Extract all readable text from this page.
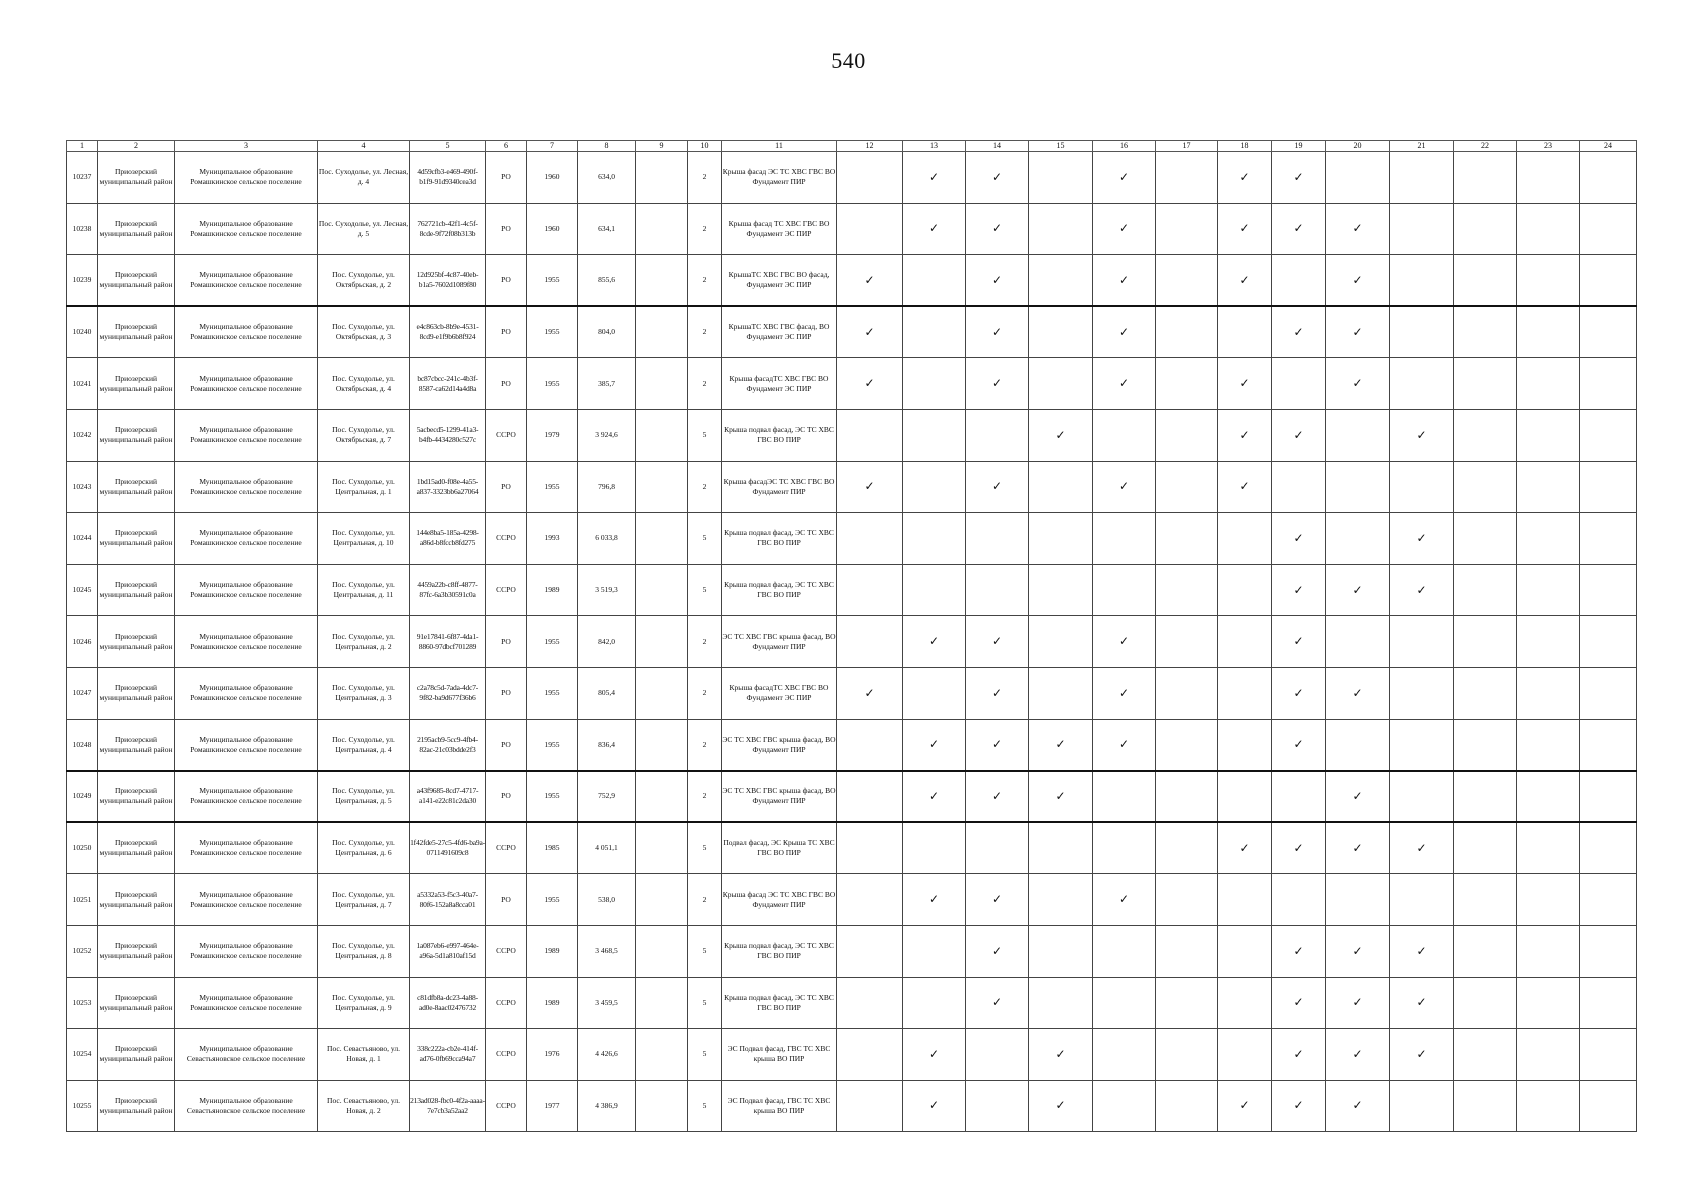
540
1	2	3	4	5	6	7	8	9	10	11	12	13	14	15	16	17	18	19	20	21	22	23	24
10237	Приозерский муниципальный район	Муниципальное образование Ромашкинское сельское поселение	Пос. Суходолье, ул. Лесная, д. 4	4d59cfb3-e469-490f-b1f9-91d9340cea3d	РО	1960	634,0		2	Крыша фасад ЭС ТС ХВС ГВС ВО Фундамент ПИР		✓	✓		✓		✓	✓					
10238	Приозерский муниципальный район	Муниципальное образование Ромашкинское сельское поселение	Пос. Суходолье, ул. Лесная, д. 5	762721cb-42f1-4c5f-8cde-9f72f08b313b	РО	1960	634,1		2	Крыша фасад ТС ХВС ГВС ВО Фундамент ЭС ПИР		✓	✓		✓		✓	✓	✓				
10239	Приозерский муниципальный район	Муниципальное образование Ромашкинское сельское поселение	Пос. Суходолье, ул. Октябрьская, д. 2	12d925bf-4c87-40eb-b1a5-7602d1089f80	РО	1955	855,6		2	КрышаТС ХВС ГВС ВО фасад, Фундамент ЭС ПИР	✓		✓		✓		✓		✓				
10240	Приозерский муниципальный район	Муниципальное образование Ромашкинское сельское поселение	Пос. Суходолье, ул. Октябрьская, д. 3	e4c863cb-8b9e-4531-8cd9-e1f9b6b8f924	РО	1955	804,0		2	КрышаТС ХВС ГВС фасад, ВО Фундамент ЭС ПИР	✓		✓		✓			✓	✓				
10241	Приозерский муниципальный район	Муниципальное образование Ромашкинское сельское поселение	Пос. Суходолье, ул. Октябрьская, д. 4	bc87cbcc-241c-4b3f-8587-ca62d14a4d8a	РО	1955	385,7		2	Крыша фасадТС ХВС ГВС ВО Фундамент ЭС ПИР	✓		✓		✓		✓		✓				
10242	Приозерский муниципальный район	Муниципальное образование Ромашкинское сельское поселение	Пос. Суходолье, ул. Октябрьская, д. 7	5acbecd5-1299-41a3-b4fb-4434280c527c	ССРО	1979	3 924,6		5	Крыша подвал фасад, ЭС ТС ХВС ГВС ВО ПИР				✓			✓	✓		✓			
10243	Приозерский муниципальный район	Муниципальное образование Ромашкинское сельское поселение	Пос. Суходолье, ул. Центральная, д. 1	1bd15ad0-f08e-4a55-a837-3323bb6a27064	РО	1955	796,8		2	Крыша фасадЭС ТС ХВС ГВС ВО Фундамент ПИР	✓		✓		✓		✓						
10244	Приозерский муниципальный район	Муниципальное образование Ромашкинское сельское поселение	Пос. Суходолье, ул. Центральная, д. 10	144e8ba5-185a-4298-a86d-b8fccb8fd275	ССРО	1993	6 033,8		5	Крыша подвал фасад, ЭС ТС ХВС ГВС ВО ПИР								✓		✓			
10245	Приозерский муниципальный район	Муниципальное образование Ромашкинское сельское поселение	Пос. Суходолье, ул. Центральная, д. 11	4459a22b-c8ff-4877-87fc-6a3b30591c0a	ССРО	1989	3 519,3		5	Крыша подвал фасад, ЭС ТС ХВС ГВС ВО ПИР								✓	✓	✓			
10246	Приозерский муниципальный район	Муниципальное образование Ромашкинское сельское поселение	Пос. Суходолье, ул. Центральная, д. 2	91e17841-6f87-4da1-8860-97dbcf701289	РО	1955	842,0		2	ЭС ТС ХВС ГВС крыша фасад, ВО Фундамент ПИР		✓	✓		✓			✓					
10247	Приозерский муниципальный район	Муниципальное образование Ромашкинское сельское поселение	Пос. Суходолье, ул. Центральная, д. 3	c2a78c5d-7ada-4dc7-9f82-ba9d677f36b6	РО	1955	805,4		2	Крыша фасадТС ХВС ГВС ВО Фундамент ЭС ПИР	✓		✓		✓			✓	✓				
10248	Приозерский муниципальный район	Муниципальное образование Ромашкинское сельское поселение	Пос. Суходолье, ул. Центральная, д. 4	2195acb9-5cc9-4fb4-82ac-21c03bdde2f3	РО	1955	836,4		2	ЭС ТС ХВС ГВС крыша фасад, ВО Фундамент ПИР		✓	✓	✓	✓			✓					
10249	Приозерский муниципальный район	Муниципальное образование Ромашкинское сельское поселение	Пос. Суходолье, ул. Центральная, д. 5	a43f9685-8cd7-4717-a141-e22c81c2da30	РО	1955	752,9		2	ЭС ТС ХВС ГВС крыша фасад, ВО Фундамент ПИР		✓	✓	✓					✓				
10250	Приозерский муниципальный район	Муниципальное образование Ромашкинское сельское поселение	Пос. Суходолье, ул. Центральная, д. 6	1f42fde5-27c5-4fd6-ba9a-0711491609c8	ССРО	1985	4 051,1		5	Подвал фасад, ЭС Крыша ТС ХВС ГВС ВО ПИР							✓	✓	✓	✓			
10251	Приозерский муниципальный район	Муниципальное образование Ромашкинское сельское поселение	Пос. Суходолье, ул. Центральная, д. 7	a5332a53-f5c3-40a7-80f6-152a8a8cca01	РО	1955	538,0		2	Крыша фасад ЭС ТС ХВС ГВС ВО Фундамент ПИР		✓	✓		✓								
10252	Приозерский муниципальный район	Муниципальное образование Ромашкинское сельское поселение	Пос. Суходолье, ул. Центральная, д. 8	1a087eb6-e997-464e-a96a-5d1a810af15d	ССРО	1989	3 468,5		5	Крыша подвал фасад, ЭС ТС ХВС ГВС ВО ПИР			✓					✓	✓	✓			
10253	Приозерский муниципальный район	Муниципальное образование Ромашкинское сельское поселение	Пос. Суходолье, ул. Центральная, д. 9	c81dfb8a-dc23-4a88-ad0e-8aac02476732	ССРО	1989	3 459,5		5	Крыша подвал фасад, ЭС ТС ХВС ГВС ВО ПИР			✓					✓	✓	✓			
10254	Приозерский муниципальный район	Муниципальное образование Севастьяновское сельское поселение	Пос. Севастьяново, ул. Новая, д. 1	338c222a-cb2e-414f-ad76-0fb69cca94a7	ССРО	1976	4 426,6		5	ЭС Подвал фасад, ГВС ТС ХВС крыша ВО ПИР		✓		✓				✓	✓	✓			
10255	Приозерский муниципальный район	Муниципальное образование Севастьяновское сельское поселение	Пос. Севастьяново, ул. Новая, д. 2	213ad028-fbc0-4f2a-aaaa-7e7cb3a52aa2	ССРО	1977	4 386,9		5	ЭС Подвал фасад, ГВС ТС ХВС крыша ВО ПИР		✓		✓			✓	✓	✓				
